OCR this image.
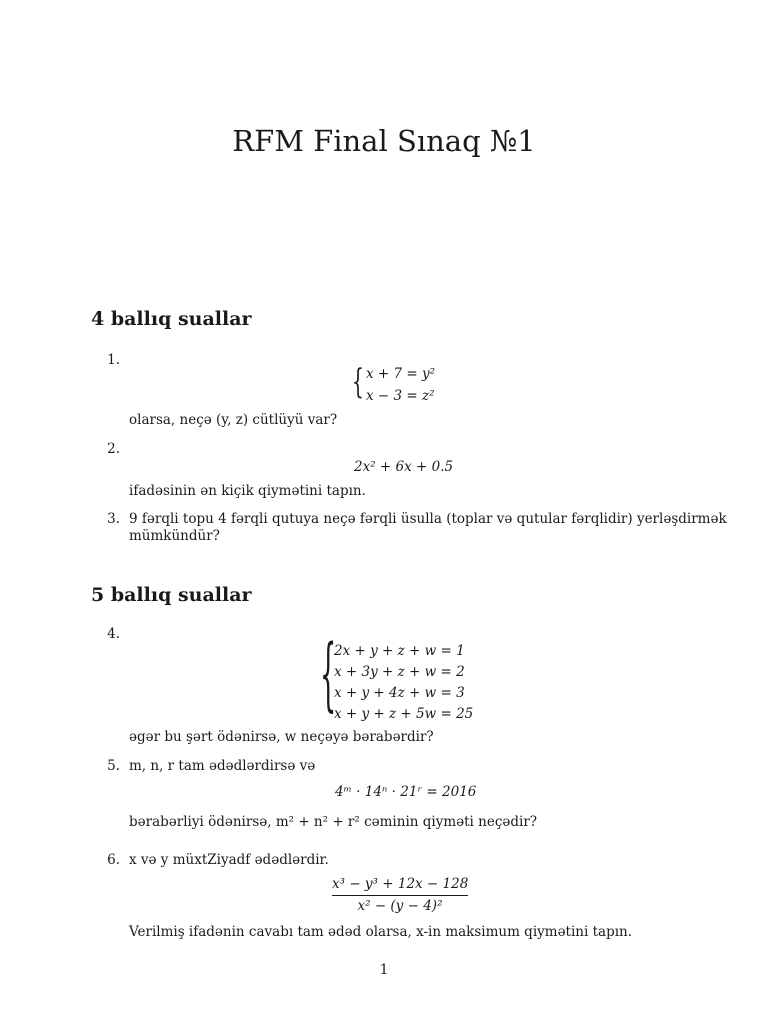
RFM Final Sınaq №1
4 ballıq suallar
1.
{ x + 7 = y²
x − 3 = z²
olarsa, neçə (y, z) cütlüyü var?
2.
2x² + 6x + 0.5
ifadəsinin ən kiçik qiymətini tapın.
3. 9 fərqli topu 4 fərqli qutuya neçə fərqli üsulla (toplar və qutular fərqlidir) yerləşdirmək
mümkündür?
5 ballıq suallar
4.	{
2x + y + z + w = 1
x + 3y + z + w = 2
x + y + 4z + w = 3
x + y + z + 5w = 25
əgər bu şərt ödənirsə, w neçəyə bərabərdir?
5. m, n, r tam ədədlərdirsə və
4ᵐ · 14ⁿ · 21ʳ = 2016
bərabərliyi ödənirsə, m² + n² + r² cəminin qiyməti neçədir?
6. x və y müxtZiyadf ədədlərdir.
x³ − y³ + 12x − 128
x² − (y − 4)²
Verilmiş ifadənin cavabı tam ədəd olarsa, x-in maksimum qiymətini tapın.
1
